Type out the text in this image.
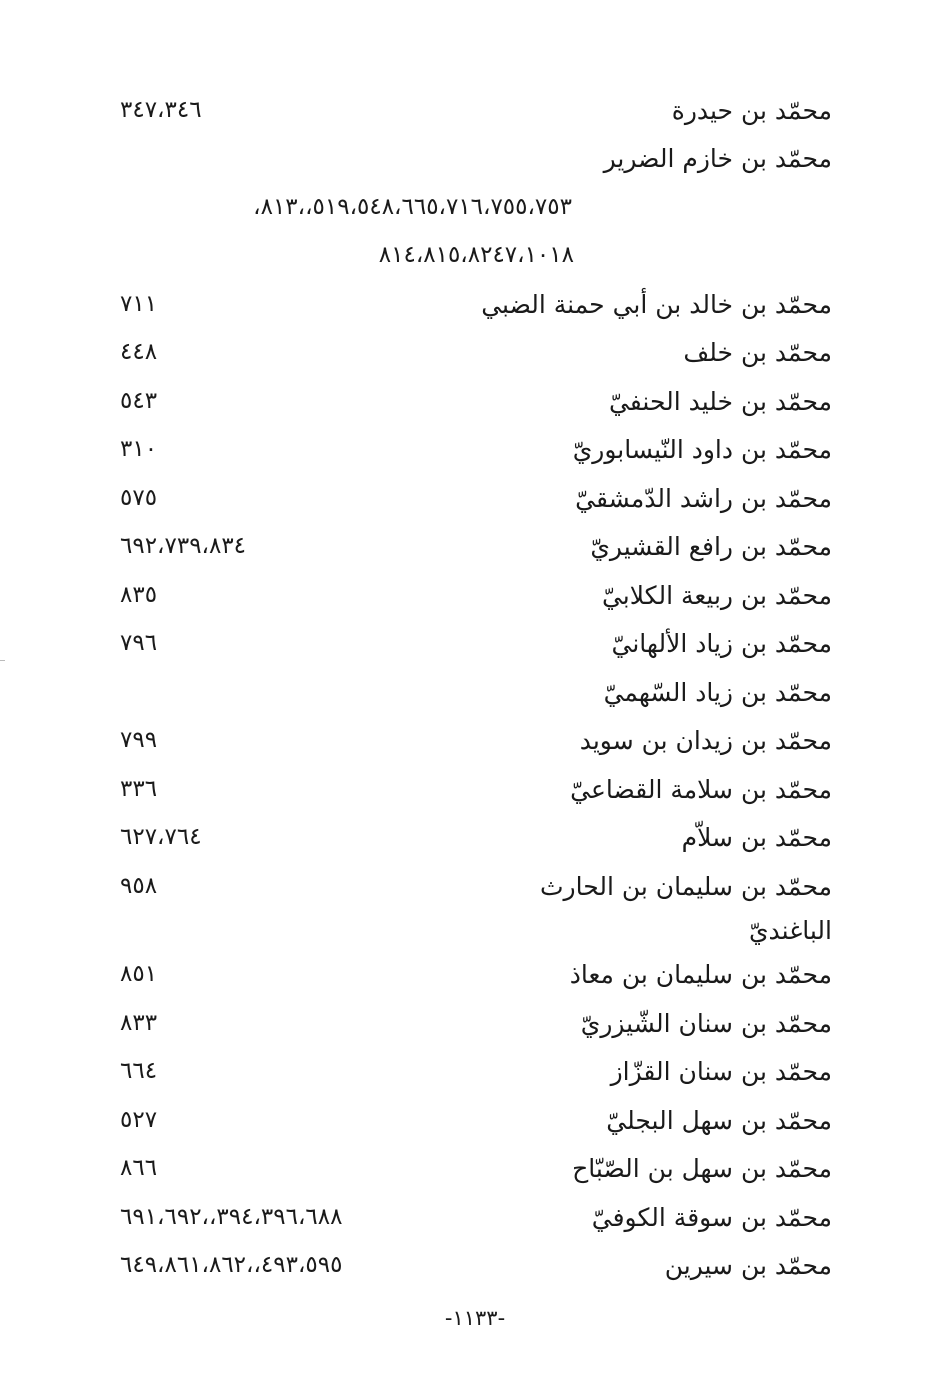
محمّد بن حيدرة
٣٤٧،٣٤٦
محمّد بن خازم الضرير
٥١٩،٥٤٨،٦٦٥،٧١٦،٧٥٥،٧٥٣،،٨١٣،
٨١٤،٨١٥،٨٢٤٧،١٠١٨
محمّد بن خالد بن أبي حمنة الضبي
٧١١
محمّد بن خلف
٤٤٨
محمّد بن خليد الحنفيّ
٥٤٣
محمّد بن داود النّيسابوريّ
٣١٠
محمّد بن راشد الدّمشقيّ
٥٧٥
محمّد بن رافع القشيريّ
٦٩٢،٧٣٩،٨٣٤
محمّد بن ربيعة الكلابيّ
٨٣٥
محمّد بن زياد الألهانيّ
٧٩٦
محمّد بن زياد السّهميّ
محمّد بن زيدان بن سويد
٧٩٩
محمّد بن سلامة القضاعيّ
٣٣٦
محمّد بن سلاّم
٦٢٧،٧٦٤
محمّد بن سليمان بن الحارث
٩٥٨
الباغنديّ
محمّد بن سليمان بن معاذ
٨٥١
محمّد بن سنان الشّيزريّ
٨٣٣
محمّد بن سنان القزّاز
٦٦٤
محمّد بن سهل البجليّ
٥٢٧
محمّد بن سهل بن الصّبّاح
٨٦٦
محمّد بن سوقة الكوفيّ
٣٩٤،٣٩٦،٦٨٨،،٦٩١،٦٩٢
محمّد بن سيرين
٤٩٣،٥٩٥،،٦٤٩،٨٦١،٨٦٢
-١١٣٣-
